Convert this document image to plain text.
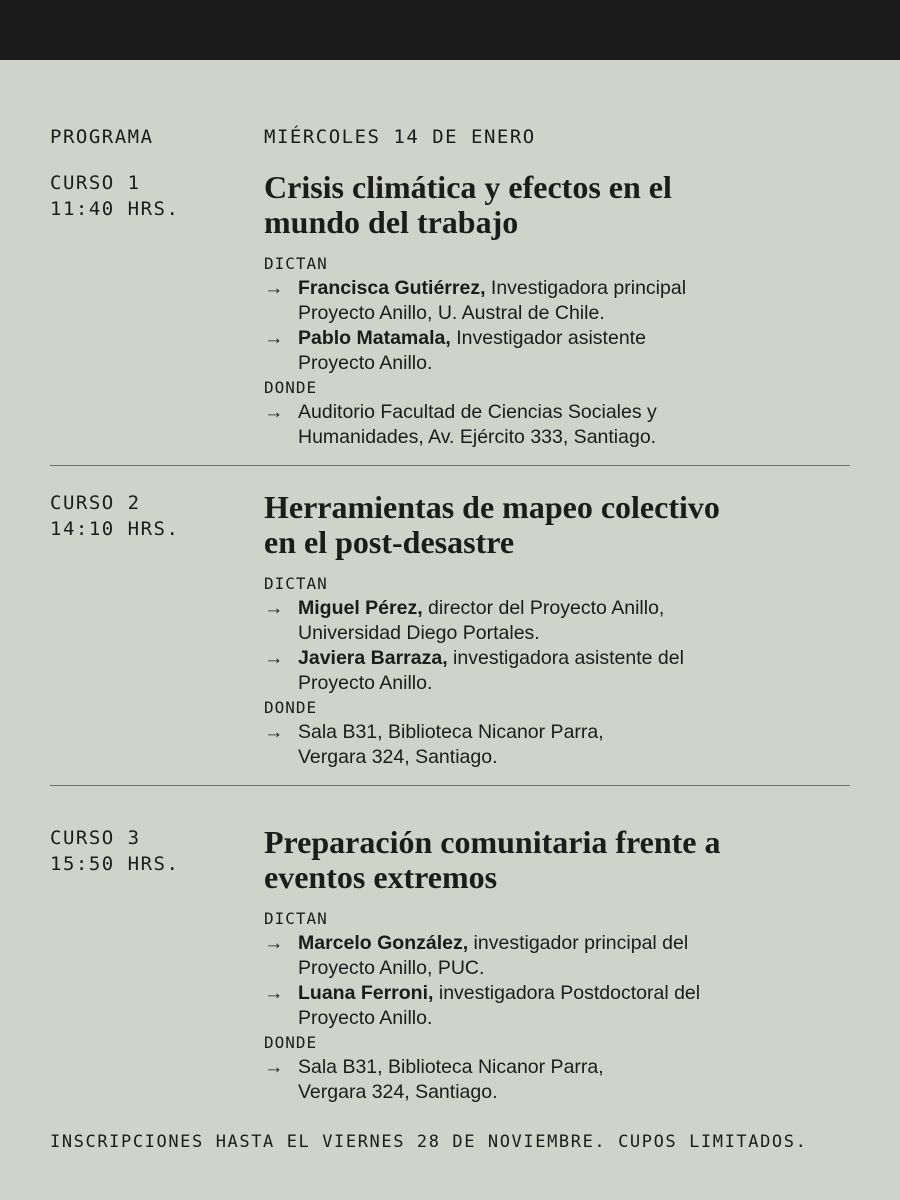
PROGRAMA	MIÉRCOLES 14 DE ENERO
CURSO 1
11:40 HRS.
Crisis climática y efectos en el
mundo del trabajo
DICTAN
→ Francisca Gutiérrez, Investigadora principal
Proyecto Anillo, U. Austral de Chile.
→ Pablo Matamala, Investigador asistente
Proyecto Anillo.
DONDE
→ Auditorio Facultad de Ciencias Sociales y
Humanidades, Av. Ejército 333, Santiago.
CURSO 2
14:10 HRS.
Herramientas de mapeo colectivo
en el post-desastre
DICTAN
→ Miguel Pérez, director del Proyecto Anillo,
Universidad Diego Portales.
→ Javiera Barraza, investigadora asistente del
Proyecto Anillo.
DONDE
→ Sala B31, Biblioteca Nicanor Parra,
Vergara 324, Santiago.
CURSO 3
15:50 HRS.
Preparación comunitaria frente a
eventos extremos
DICTAN
→ Marcelo González, investigador principal del
Proyecto Anillo, PUC.
→ Luana Ferroni, investigadora Postdoctoral del
Proyecto Anillo.
DONDE
→ Sala B31, Biblioteca Nicanor Parra,
Vergara 324, Santiago.
INSCRIPCIONES HASTA EL VIERNES 28 DE NOVIEMBRE. CUPOS LIMITADOS.
